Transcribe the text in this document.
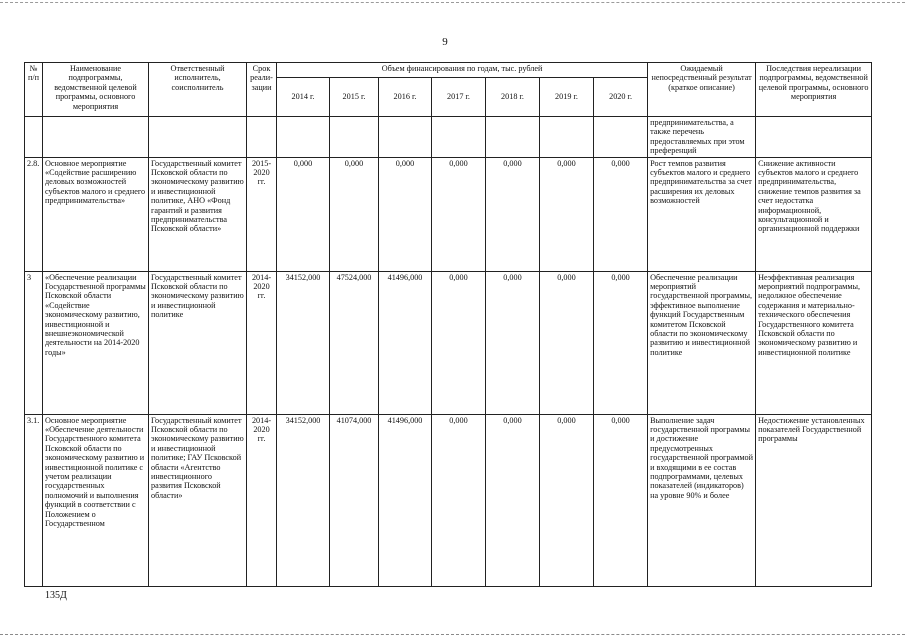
9
№ п/п	Наименование подпрограммы, ведомственной целевой программы, основного мероприятия	Ответственный исполнитель, соисполнитель	Срок реали-зации	Объем финансирования по годам, тыс. рублей							Ожидаемый непосредственный результат (краткое описание)	Последствия нереализации подпрограммы, ведомственной целевой программы, основного мероприятия
				2014 г.	2015 г.	2016 г.	2017 г.	2018 г.	2019 г.	2020 г.		
											предпринимательства, а также перечень предоставляемых при этом преференций	
2.8.	Основное мероприятие «Содействие расширению деловых возможностей субъектов малого и среднего предпринимательства»	Государственный комитет Псковской области по экономическому развитию и инвестиционной политике, АНО «Фонд гарантий и развития предпринимательства Псковской области»	2015-2020 гг.	0,000	0,000	0,000	0,000	0,000	0,000	0,000	Рост темпов развития субъектов малого и среднего предпринимательства за счет расширения их деловых возможностей	Снижение активности субъектов малого и среднего предпринимательства, снижение темпов развития за счет недостатка информационной, консультационной и организационной поддержки
3	«Обеспечение реализации Государственной программы Псковской области «Содействие экономическому развитию, инвестиционной и внешнеэкономической деятельности на 2014-2020 годы»	Государственный комитет Псковской области по экономическому развитию и инвестиционной политике	2014-2020 гг.	34152,000	47524,000	41496,000	0,000	0,000	0,000	0,000	Обеспечение реализации мероприятий государственной программы, эффективное выполнение функций Государственным комитетом Псковской области по экономическому развитию и инвестиционной политике	Неэффективная реализация мероприятий подпрограммы, недолжное обеспечение содержания и материально-технического обеспечения Государственного комитета Псковской области по экономическому развитию и инвестиционной политике
3.1.	Основное мероприятие «Обеспечение деятельности Государственного комитета Псковской области по экономическому развитию и инвестиционной политике с учетом реализации государственных полномочий и выполнения функций в соответствии с Положением о Государственном	Государственный комитет Псковской области по экономическому развитию и инвестиционной политике; ГАУ Псковской области «Агентство инвестиционного развития Псковской области»	2014-2020 гг.	34152,000	41074,000	41496,000	0,000	0,000	0,000	0,000	Выполнение задач государственной программы и достижение предусмотренных государственной программой и входящими в ее состав подпрограммами, целевых показателей (индикаторов) на уровне 90% и более	Недостижение установленных показателей Государственной программы
135Д
